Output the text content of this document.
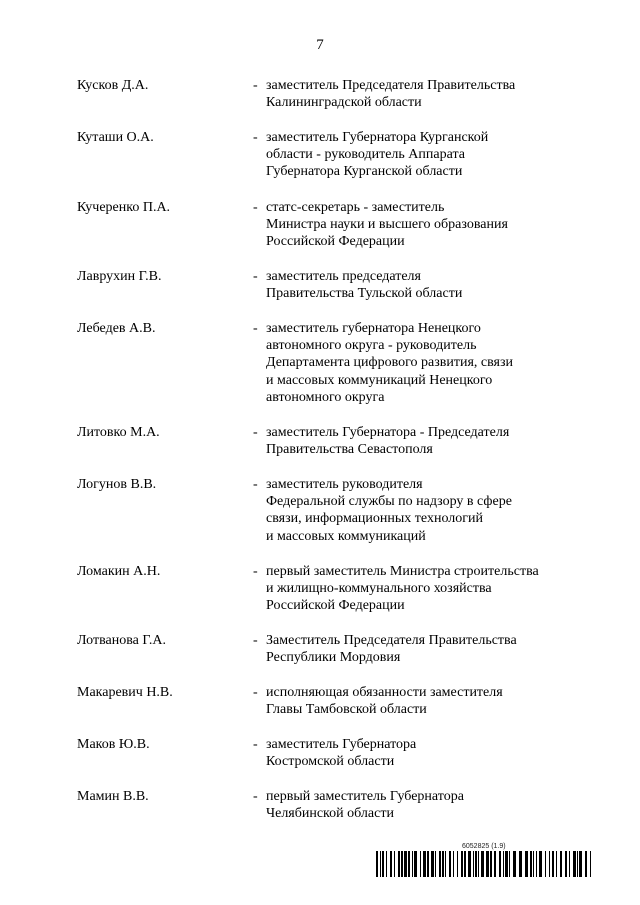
7
Кусков Д.А.	- заместитель Председателя Правительства
Калининградской области
Куташи О.А.	- заместитель Губернатора Курганской
области - руководитель Аппарата
Губернатора Курганской области
Кучеренко П.А.	- статс-секретарь - заместитель
Министра науки и высшего образования
Российской Федерации
Лаврухин Г.В.	- заместитель председателя
Правительства Тульской области
Лебедев А.В.	- заместитель губернатора Ненецкого
автономного округа - руководитель
Департамента цифрового развития, связи
и массовых коммуникаций Ненецкого
автономного округа
Литовко М.А.	- заместитель Губернатора - Председателя
Правительства Севастополя
Логунов В.В.	- заместитель руководителя
Федеральной службы по надзору в сфере
связи, информационных технологий
и массовых коммуникаций
Ломакин А.Н.	- первый заместитель Министра строительства
и жилищно-коммунального хозяйства
Российской Федерации
Лотванова Г.А.	- Заместитель Председателя Правительства
Республики Мордовия
Макаревич Н.В.	- исполняющая обязанности заместителя
Главы Тамбовской области
Маков Ю.В.	- заместитель Губернатора
Костромской области
Мамин В.В.	- первый заместитель Губернатора
Челябинской области
6052825 (1.9)
